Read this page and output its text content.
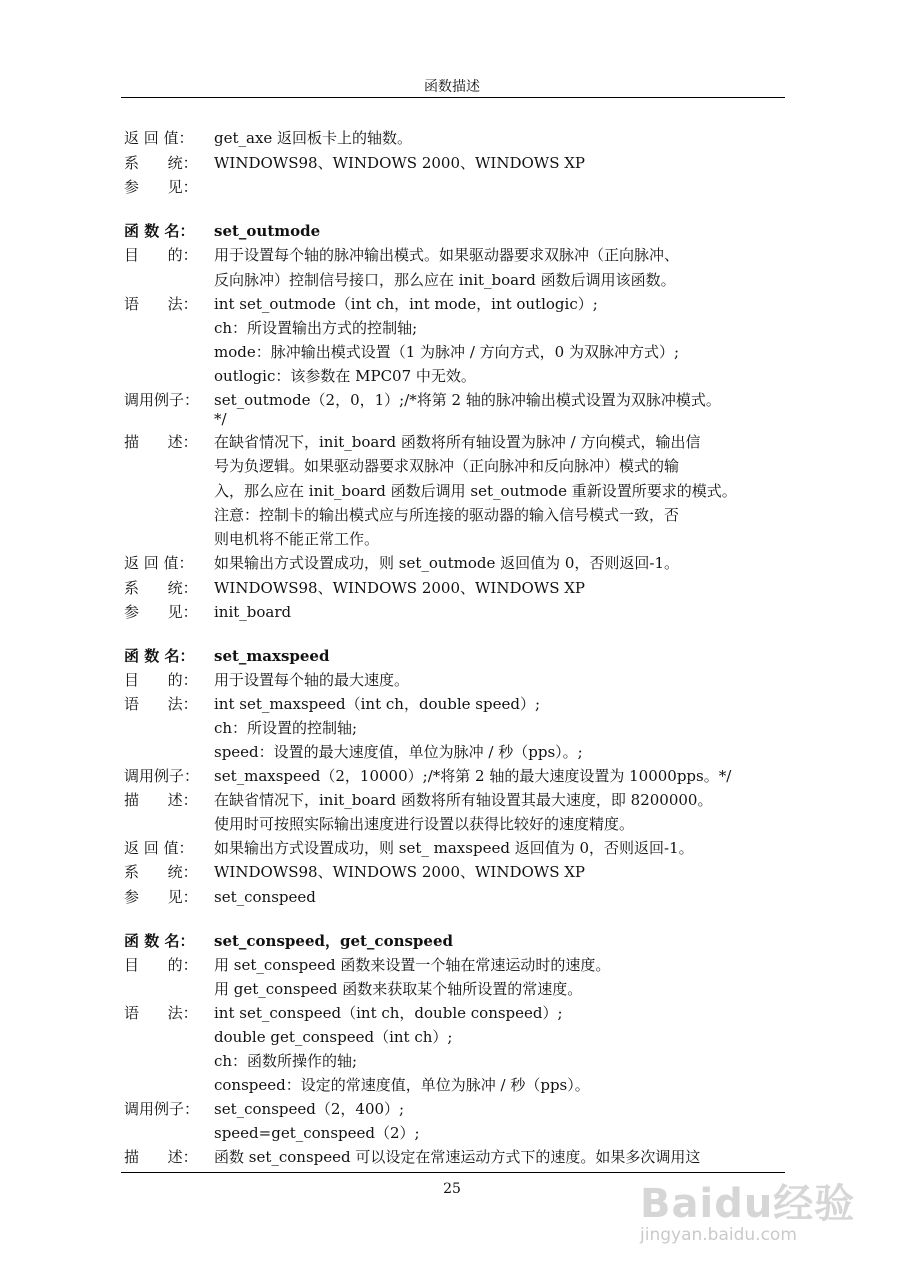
函数描述
返 回 值： get_axe 返回板卡上的轴数。
系      统： WINDOWS98、WINDOWS 2000、WINDOWS XP
参      见：
函 数 名： set_outmode
目      的： 用于设置每个轴的脉冲输出模式。如果驱动器要求双脉冲（正向脉冲、
反向脉冲）控制信号接口，那么应在 init_board 函数后调用该函数。
语      法： int set_outmode（int ch，int mode，int outlogic）;
ch：所设置输出方式的控制轴;
mode：脉冲输出模式设置（1 为脉冲 / 方向方式，0 为双脉冲方式）;
outlogic：该参数在 MPC07 中无效。
调用例子： set_outmode（2，0，1）;/*将第 2 轴的脉冲输出模式设置为双脉冲模式。
*/
描      述： 在缺省情况下，init_board 函数将所有轴设置为脉冲 / 方向模式，输出信
号为负逻辑。如果驱动器要求双脉冲（正向脉冲和反向脉冲）模式的输
入，那么应在 init_board 函数后调用 set_outmode 重新设置所要求的模式。
注意：控制卡的输出模式应与所连接的驱动器的输入信号模式一致，否
则电机将不能正常工作。
返 回 值： 如果输出方式设置成功，则 set_outmode 返回值为 0，否则返回-1。
系      统： WINDOWS98、WINDOWS 2000、WINDOWS XP
参      见： init_board
函 数 名： set_maxspeed
目      的： 用于设置每个轴的最大速度。
语      法： int set_maxspeed（int ch，double speed）;
ch：所设置的控制轴;
speed：设置的最大速度值，单位为脉冲 / 秒（pps）。;
调用例子： set_maxspeed（2，10000）;/*将第 2 轴的最大速度设置为 10000pps。*/
描      述： 在缺省情况下，init_board 函数将所有轴设置其最大速度，即 8200000。
使用时可按照实际输出速度进行设置以获得比较好的速度精度。
返 回 值： 如果输出方式设置成功，则 set_ maxspeed 返回值为 0，否则返回-1。
系      统： WINDOWS98、WINDOWS 2000、WINDOWS XP
参      见： set_conspeed
函 数 名： set_conspeed，get_conspeed
目      的： 用 set_conspeed 函数来设置一个轴在常速运动时的速度。
用 get_conspeed 函数来获取某个轴所设置的常速度。
语      法： int set_conspeed（int ch，double conspeed）;
double get_conspeed（int ch）;
ch：函数所操作的轴;
conspeed：设定的常速度值，单位为脉冲 / 秒（pps）。
调用例子： set_conspeed（2，400）;
speed=get_conspeed（2）;
描      述： 函数 set_conspeed 可以设定在常速运动方式下的速度。如果多次调用这
25	Baidu经验
jingyan.baidu.com
